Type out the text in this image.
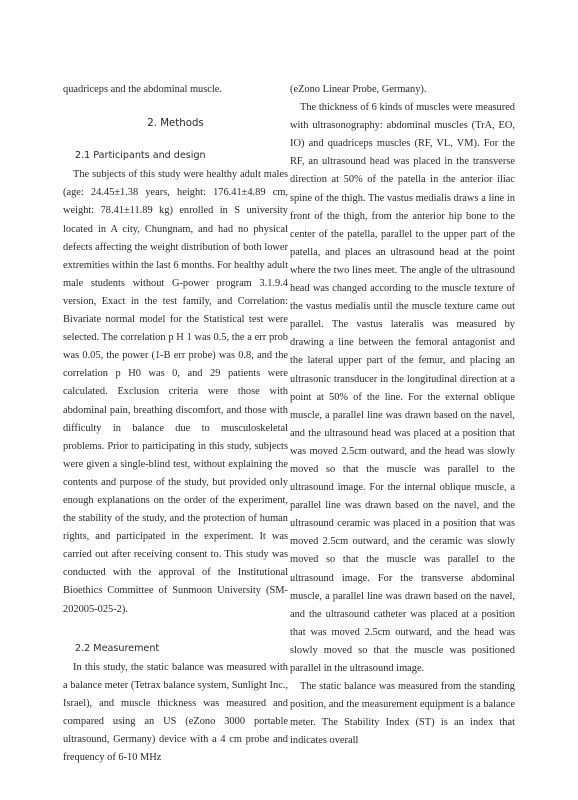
quadriceps and the abdominal muscle.

2. Methods
2.1 Participants and design

The subjects of this study were healthy adult males (age: 24.45±1.38 years, height: 176.41±4.89 cm, weight: 78.41±11.89 kg) enrolled in S university located in A city, Chungnam, and had no physical defects affecting the weight distribution of both lower extremities within the last 6 months. For healthy adult male students without G-power program 3.1.9.4 version, Exact in the test family, and Correlation: Bivariate normal model for the Statistical test were selected. The correlation p H 1 was 0.5, the a err prob was 0.05, the power (1-B err probe) was 0.8, and the correlation p H0 was 0, and 29 patients were calculated. Exclusion criteria were those with abdominal pain, breathing discomfort, and those with difficulty in balance due to musculoskeletal problems. Prior to participating in this study, subjects were given a single-blind test, without explaining the contents and purpose of the study, but provided only enough explanations on the order of the experiment, the stability of the study, and the protection of human rights, and participated in the experiment. It was carried out after receiving consent to. This study was conducted with the approval of the Institutional Bioethics Committee of Sunmoon University (SM-202005-025-2).

2.2 Measurement

In this study, the static balance was measured with a balance meter (Tetrax balance system, Sunlight Inc., Israel), and muscle thickness was measured and compared using an US (eZono 3000 portable ultrasound, Germany) device with a 4 cm probe and frequency of 6-10 MHz

(eZono Linear Probe, Germany).

The thickness of 6 kinds of muscles were measured with ultrasonography: abdominal muscles (TrA, EO, IO) and quadriceps muscles (RF, VL, VM). For the RF, an ultrasound head was placed in the transverse direction at 50% of the patella in the anterior iliac spine of the thigh. The vastus medialis draws a line in front of the thigh, from the anterior hip bone to the center of the patella, parallel to the upper part of the patella, and places an ultrasound head at the point where the two lines meet. The angle of the ultrasound head was changed according to the muscle texture of the vastus medialis until the muscle texture came out parallel. The vastus lateralis was measured by drawing a line between the femoral antagonist and the lateral upper part of the femur, and placing an ultrasonic transducer in the longitudinal direction at a point at 50% of the line. For the external oblique muscle, a parallel line was drawn based on the navel, and the ultrasound head was placed at a position that was moved 2.5cm outward, and the head was slowly moved so that the muscle was parallel to the ultrasound image. For the internal oblique muscle, a parallel line was drawn based on the navel, and the ultrasound ceramic was placed in a position that was moved 2.5cm outward, and the ceramic was slowly moved so that the muscle was parallel to the ultrasound image. For the transverse abdominal muscle, a parallel line was drawn based on the navel, and the ultrasound catheter was placed at a position that was moved 2.5cm outward, and the head was slowly moved so that the muscle was positioned parallel in the ultrasound image.

The static balance was measured from the standing position, and the measurement equipment is a balance meter. The Stability Index (ST) is an index that indicates overall
